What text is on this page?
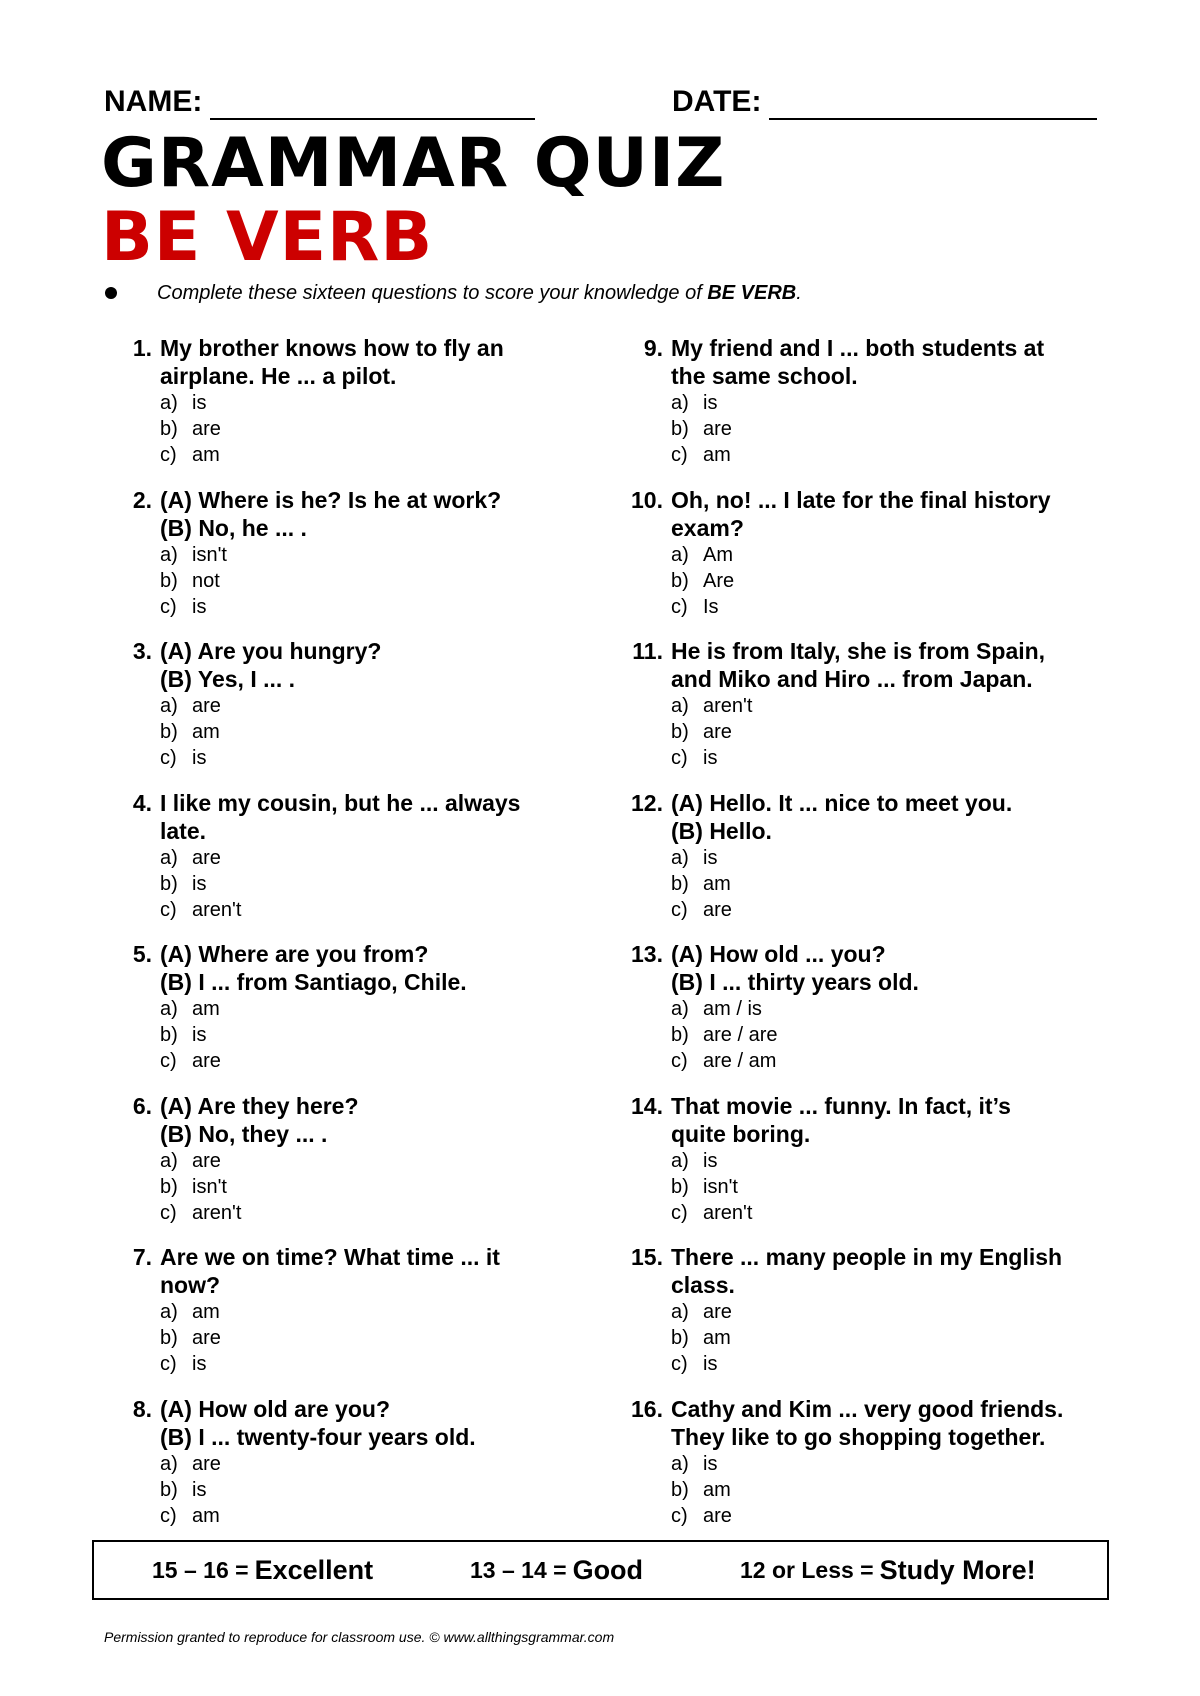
NAME:	DATE:
GRAMMAR QUIZ
BE VERB
Complete these sixteen questions to score your knowledge of BE VERB.
1. My brother knows how to fly an
airplane. He ... a pilot.
a) is
b) are
c) am
2. (A) Where is he? Is he at work?
(B) No, he ... .
a) isn't
b) not
c) is
3. (A) Are you hungry?
(B) Yes, I ... .
a) are
b) am
c) is
4. I like my cousin, but he ... always
late.
a) are
b) is
c) aren't
5. (A) Where are you from?
(B) I ... from Santiago, Chile.
a) am
b) is
c) are
6. (A) Are they here?
(B) No, they ... .
a) are
b) isn't
c) aren't
7. Are we on time? What time ... it
now?
a) am
b) are
c) is
8. (A) How old are you?
(B) I ... twenty-four years old.
a) are
b) is
c) am
9. My friend and I ... both students at
the same school.
a) is
b) are
c) am
10. Oh, no! ... I late for the final history
exam?
a) Am
b) Are
c) Is
11. He is from Italy, she is from Spain,
and Miko and Hiro ... from Japan.
a) aren't
b) are
c) is
12. (A) Hello. It ... nice to meet you.
(B) Hello.
a) is
b) am
c) are
13. (A) How old ... you?
(B) I ... thirty years old.
a) am / is
b) are / are
c) are / am
14. That movie ... funny. In fact, it’s
quite boring.
a) is
b) isn't
c) aren't
15. There ... many people in my English
class.
a) are
b) am
c) is
16. Cathy and Kim ... very good friends.
They like to go shopping together.
a) is
b) am
c) are
15 – 16 = Excellent	13 – 14 = Good	12 or Less = Study More!
Permission granted to reproduce for classroom use. © www.allthingsgrammar.com
